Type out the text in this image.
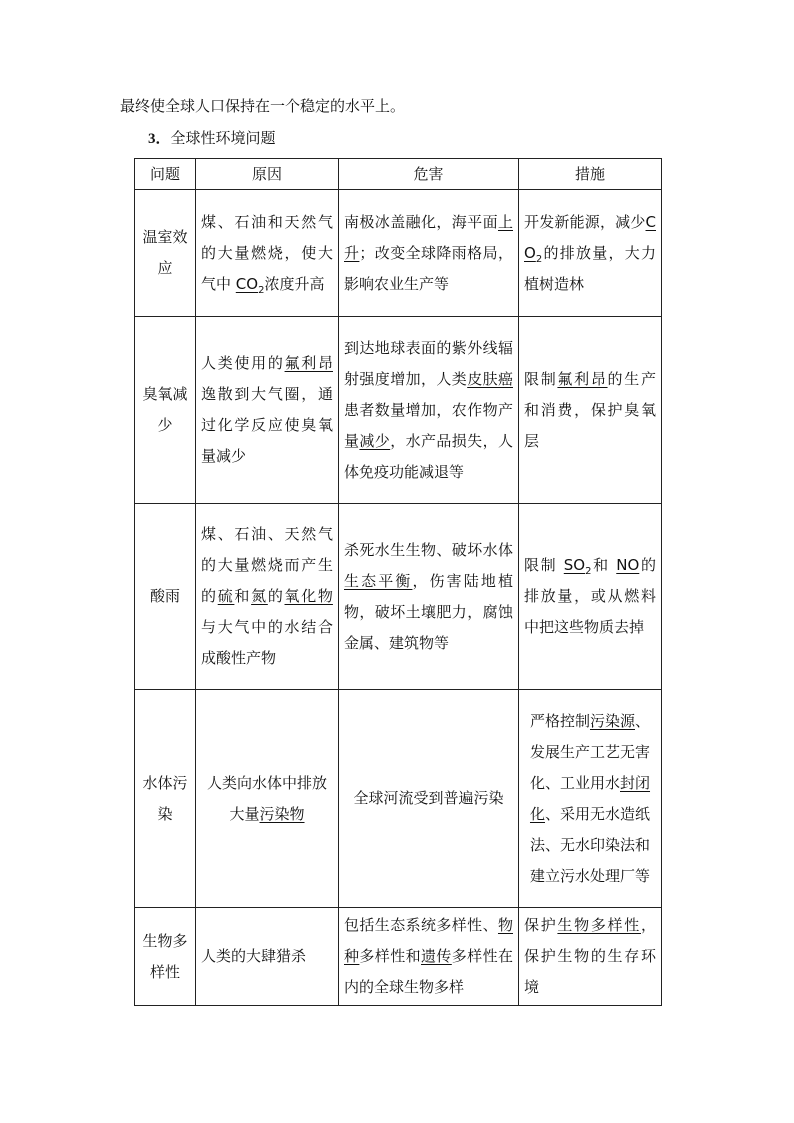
最终使全球人口保持在一个稳定的水平上。
3．全球性环境问题
问题	原因	危害	措施
温室效应	煤、石油和天然气的大量燃烧，使大气中 $CO_2$浓度升高	南极冰盖融化，海平面上升；改变全球降雨格局，影响农业生产等	开发新能源，减少$CO_2$的排放量，大力植树造林
臭氧减少	人类使用的氟利昂逸散到大气圈，通过化学反应使臭氧量减少	到达地球表面的紫外线辐射强度增加，人类皮肤癌患者数量增加，农作物产量减少，水产品损失，人体免疫功能减退等	限制氟利昂的生产和消费，保护臭氧层
酸雨	煤、石油、天然气的大量燃烧而产生的硫和氮的氧化物与大气中的水结合成酸性产物	杀死水生生物、破坏水体生态平衡，伤害陆地植物，破坏土壤肥力，腐蚀金属、建筑物等	限制 $SO_2$和 NO的排放量，或从燃料中把这些物质去掉
水体污染	人类向水体中排放大量污染物	全球河流受到普遍污染	严格控制污染源、发展生产工艺无害化、工业用水封闭化、采用无水造纸法、无水印染法和建立污水处理厂等
生物多样性	人类的大肆猎杀	包括生态系统多样性、物种多样性和遗传多样性在内的全球生物多样	保护生物多样性，保护生物的生存环境
